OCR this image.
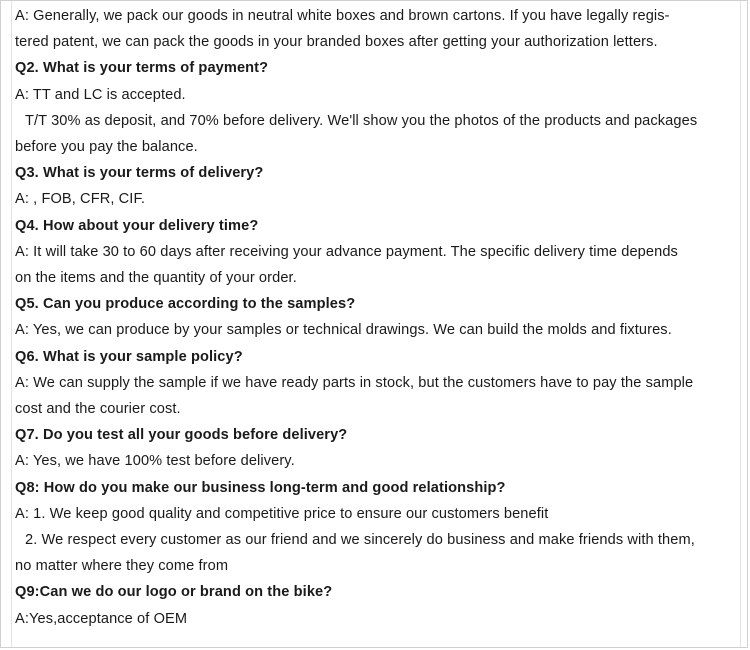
A: Generally, we pack our goods in neutral white boxes and brown cartons. If you have legally regis-
tered patent, we can pack the goods in your branded boxes after getting your authorization letters.
Q2. What is your terms of payment?
A: TT and LC is accepted.
T/T 30% as deposit, and 70% before delivery. We'll show you the photos of the products and packages
before you pay the balance.
Q3. What is your terms of delivery?
A: , FOB, CFR, CIF.
Q4. How about your delivery time?
A: It will take 30 to 60 days after receiving your advance payment. The specific delivery time depends
on the items and the quantity of your order.
Q5. Can you produce according to the samples?
A: Yes, we can produce by your samples or technical drawings. We can build the molds and fixtures.
Q6. What is your sample policy?
A: We can supply the sample if we have ready parts in stock, but the customers have to pay the sample
cost and the courier cost.
Q7. Do you test all your goods before delivery?
A: Yes, we have 100% test before delivery.
Q8: How do you make our business long-term and good relationship?
A: 1. We keep good quality and competitive price to ensure our customers benefit
2. We respect every customer as our friend and we sincerely do business and make friends with them,
no matter where they come from
Q9:Can we do our logo or brand on the bike?
A:Yes,acceptance of OEM
